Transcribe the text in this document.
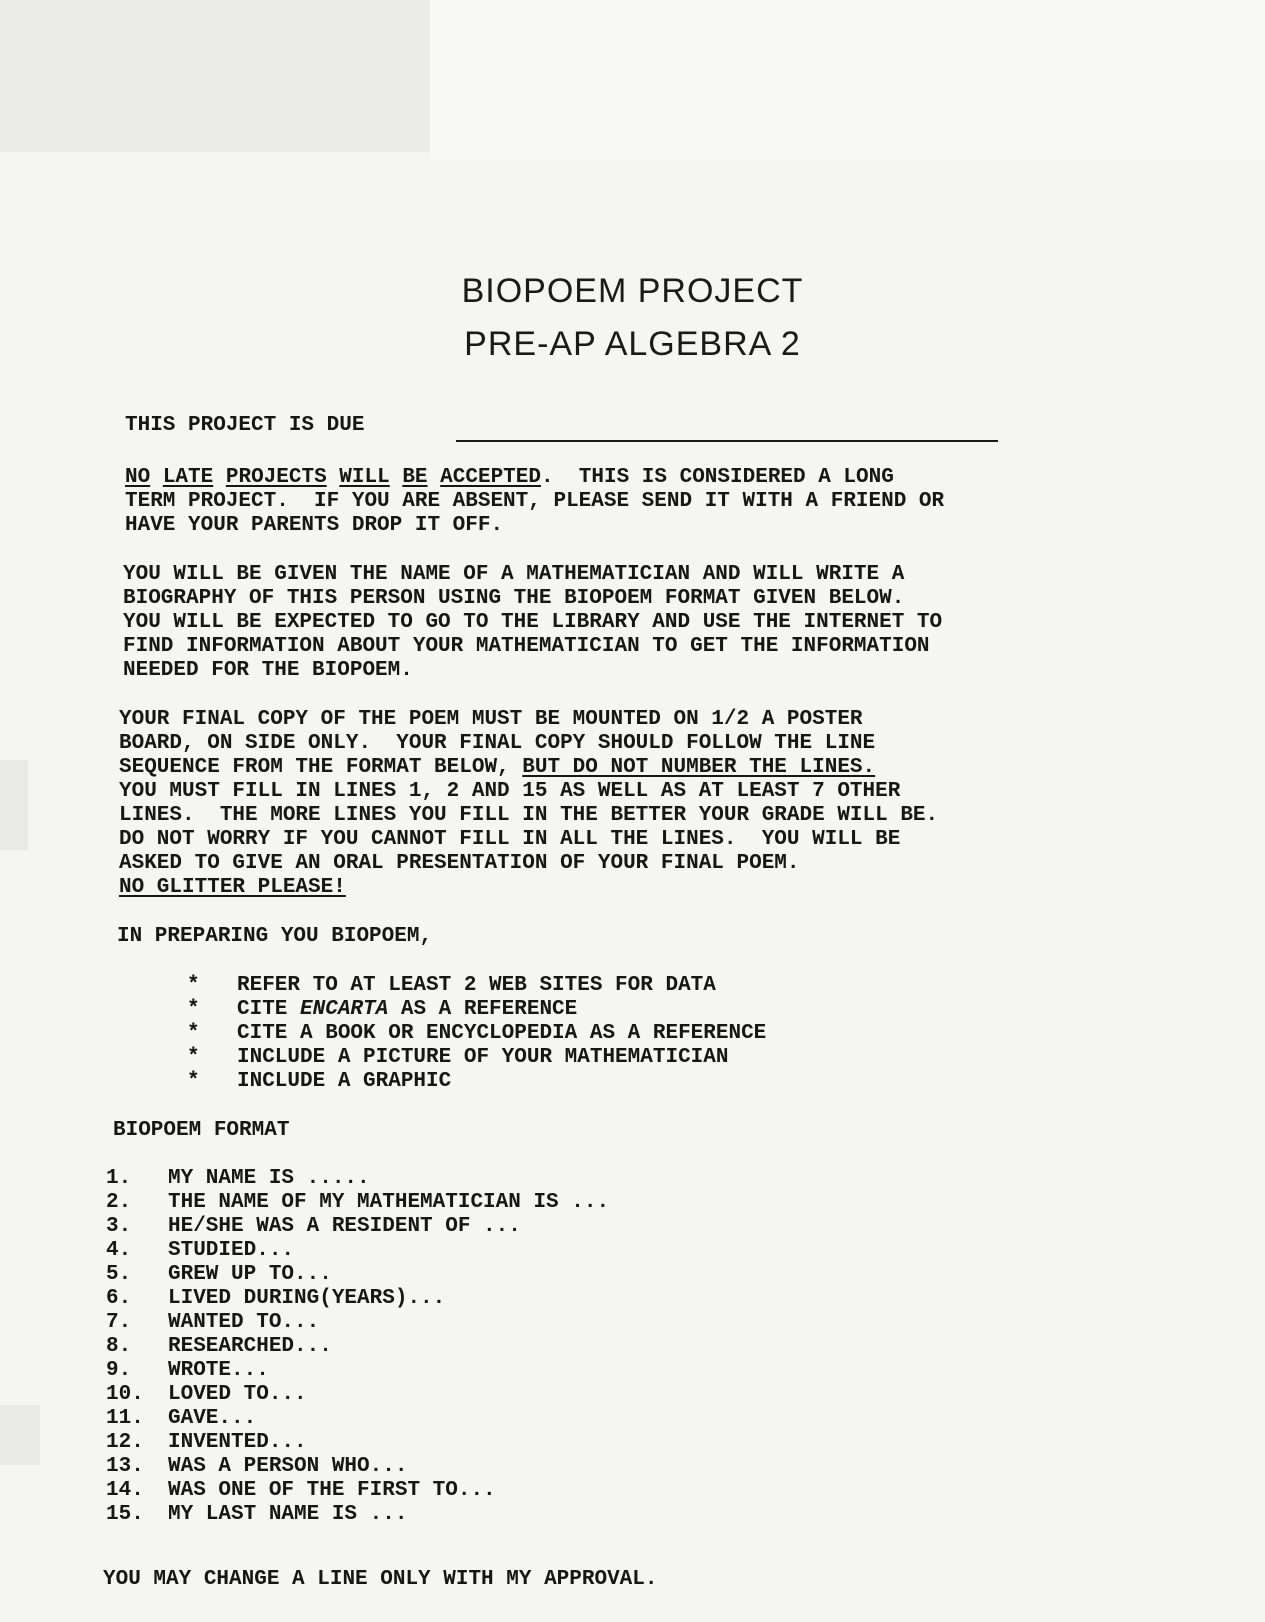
BIOPOEM PROJECT
PRE-AP ALGEBRA 2
THIS PROJECT IS DUE
NO LATE PROJECTS WILL BE ACCEPTED.  THIS IS CONSIDERED A LONG
TERM PROJECT.  IF YOU ARE ABSENT, PLEASE SEND IT WITH A FRIEND OR
HAVE YOUR PARENTS DROP IT OFF.
YOU WILL BE GIVEN THE NAME OF A MATHEMATICIAN AND WILL WRITE A
BIOGRAPHY OF THIS PERSON USING THE BIOPOEM FORMAT GIVEN BELOW.
YOU WILL BE EXPECTED TO GO TO THE LIBRARY AND USE THE INTERNET TO
FIND INFORMATION ABOUT YOUR MATHEMATICIAN TO GET THE INFORMATION
NEEDED FOR THE BIOPOEM.
YOUR FINAL COPY OF THE POEM MUST BE MOUNTED ON 1/2 A POSTER
BOARD, ON SIDE ONLY.  YOUR FINAL COPY SHOULD FOLLOW THE LINE
SEQUENCE FROM THE FORMAT BELOW, BUT DO NOT NUMBER THE LINES.
YOU MUST FILL IN LINES 1, 2 AND 15 AS WELL AS AT LEAST 7 OTHER
LINES.  THE MORE LINES YOU FILL IN THE BETTER YOUR GRADE WILL BE.
DO NOT WORRY IF YOU CANNOT FILL IN ALL THE LINES.  YOU WILL BE
ASKED TO GIVE AN ORAL PRESENTATION OF YOUR FINAL POEM.
NO GLITTER PLEASE!
IN PREPARING YOU BIOPOEM,
* REFER TO AT LEAST 2 WEB SITES FOR DATA
* CITE ENCARTA AS A REFERENCE
* CITE A BOOK OR ENCYCLOPEDIA AS A REFERENCE
* INCLUDE A PICTURE OF YOUR MATHEMATICIAN
* INCLUDE A GRAPHIC
BIOPOEM FORMAT
1. MY NAME IS .....
2. THE NAME OF MY MATHEMATICIAN IS ...
3. HE/SHE WAS A RESIDENT OF ...
4. STUDIED...
5. GREW UP TO...
6. LIVED DURING(YEARS)...
7. WANTED TO...
8. RESEARCHED...
9. WROTE...
10. LOVED TO...
11. GAVE...
12. INVENTED...
13. WAS A PERSON WHO...
14. WAS ONE OF THE FIRST TO...
15. MY LAST NAME IS ...
YOU MAY CHANGE A LINE ONLY WITH MY APPROVAL.
